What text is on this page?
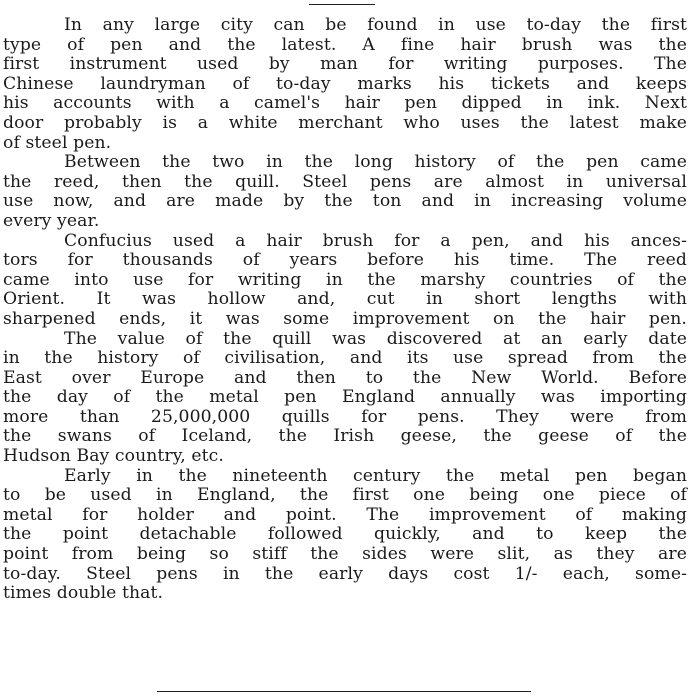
In any large city can be found in use to-day the first
type of pen and the latest. A fine hair brush was the
first instrument used by man for writing purposes. The
Chinese laundryman of to-day marks his tickets and keeps
his accounts with a camel's hair pen dipped in ink. Next
door probably is a white merchant who uses the latest make
of steel pen.
Between the two in the long history of the pen came
the reed, then the quill. Steel pens are almost in universal
use now, and are made by the ton and in increasing volume
every year.
Confucius used a hair brush for a pen, and his ances-
tors for thousands of years before his time. The reed
came into use for writing in the marshy countries of the
Orient. It was hollow and, cut in short lengths with
sharpened ends, it was some improvement on the hair pen.
The value of the quill was discovered at an early date
in the history of civilisation, and its use spread from the
East over Europe and then to the New World. Before
the day of the metal pen England annually was importing
more than 25,000,000 quills for pens. They were from
the swans of Iceland, the Irish geese, the geese of the
Hudson Bay country, etc.
Early in the nineteenth century the metal pen began
to be used in England, the first one being one piece of
metal for holder and point. The improvement of making
the point detachable followed quickly, and to keep the
point from being so stiff the sides were slit, as they are
to-day. Steel pens in the early days cost 1/- each, some-
times double that.
